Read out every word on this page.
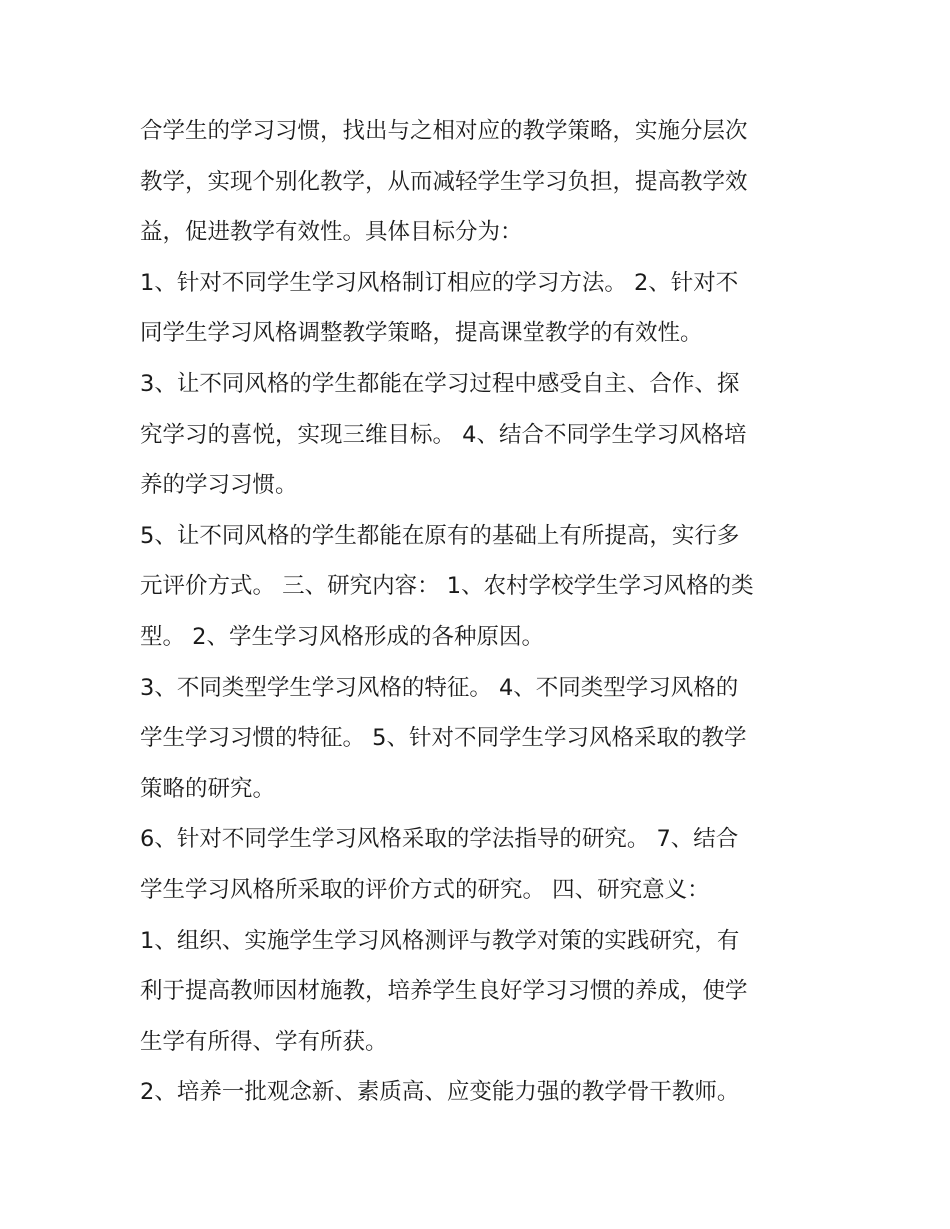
合学生的学习习惯，找出与之相对应的教学策略，实施分层次

教学，实现个别化教学，从而减轻学生学习负担，提高教学效

益，促进教学有效性。具体目标分为：

1、针对不同学生学习风格制订相应的学习方法。 2、针对不

同学生学习风格调整教学策略，提高课堂教学的有效性。

3、让不同风格的学生都能在学习过程中感受自主、合作、探

究学习的喜悦，实现三维目标。 4、结合不同学生学习风格培

养的学习习惯。

5、让不同风格的学生都能在原有的基础上有所提高，实行多

元评价方式。 三、研究内容： 1、农村学校学生学习风格的类

型。 2、学生学习风格形成的各种原因。

3、不同类型学生学习风格的特征。 4、不同类型学习风格的

学生学习习惯的特征。 5、针对不同学生学习风格采取的教学

策略的研究。

6、针对不同学生学习风格采取的学法指导的研究。 7、结合

学生学习风格所采取的评价方式的研究。 四、研究意义：

1、组织、实施学生学习风格测评与教学对策的实践研究，有

利于提高教师因材施教，培养学生良好学习习惯的养成，使学

生学有所得、学有所获。

2、培养一批观念新、素质高、应变能力强的教学骨干教师。
